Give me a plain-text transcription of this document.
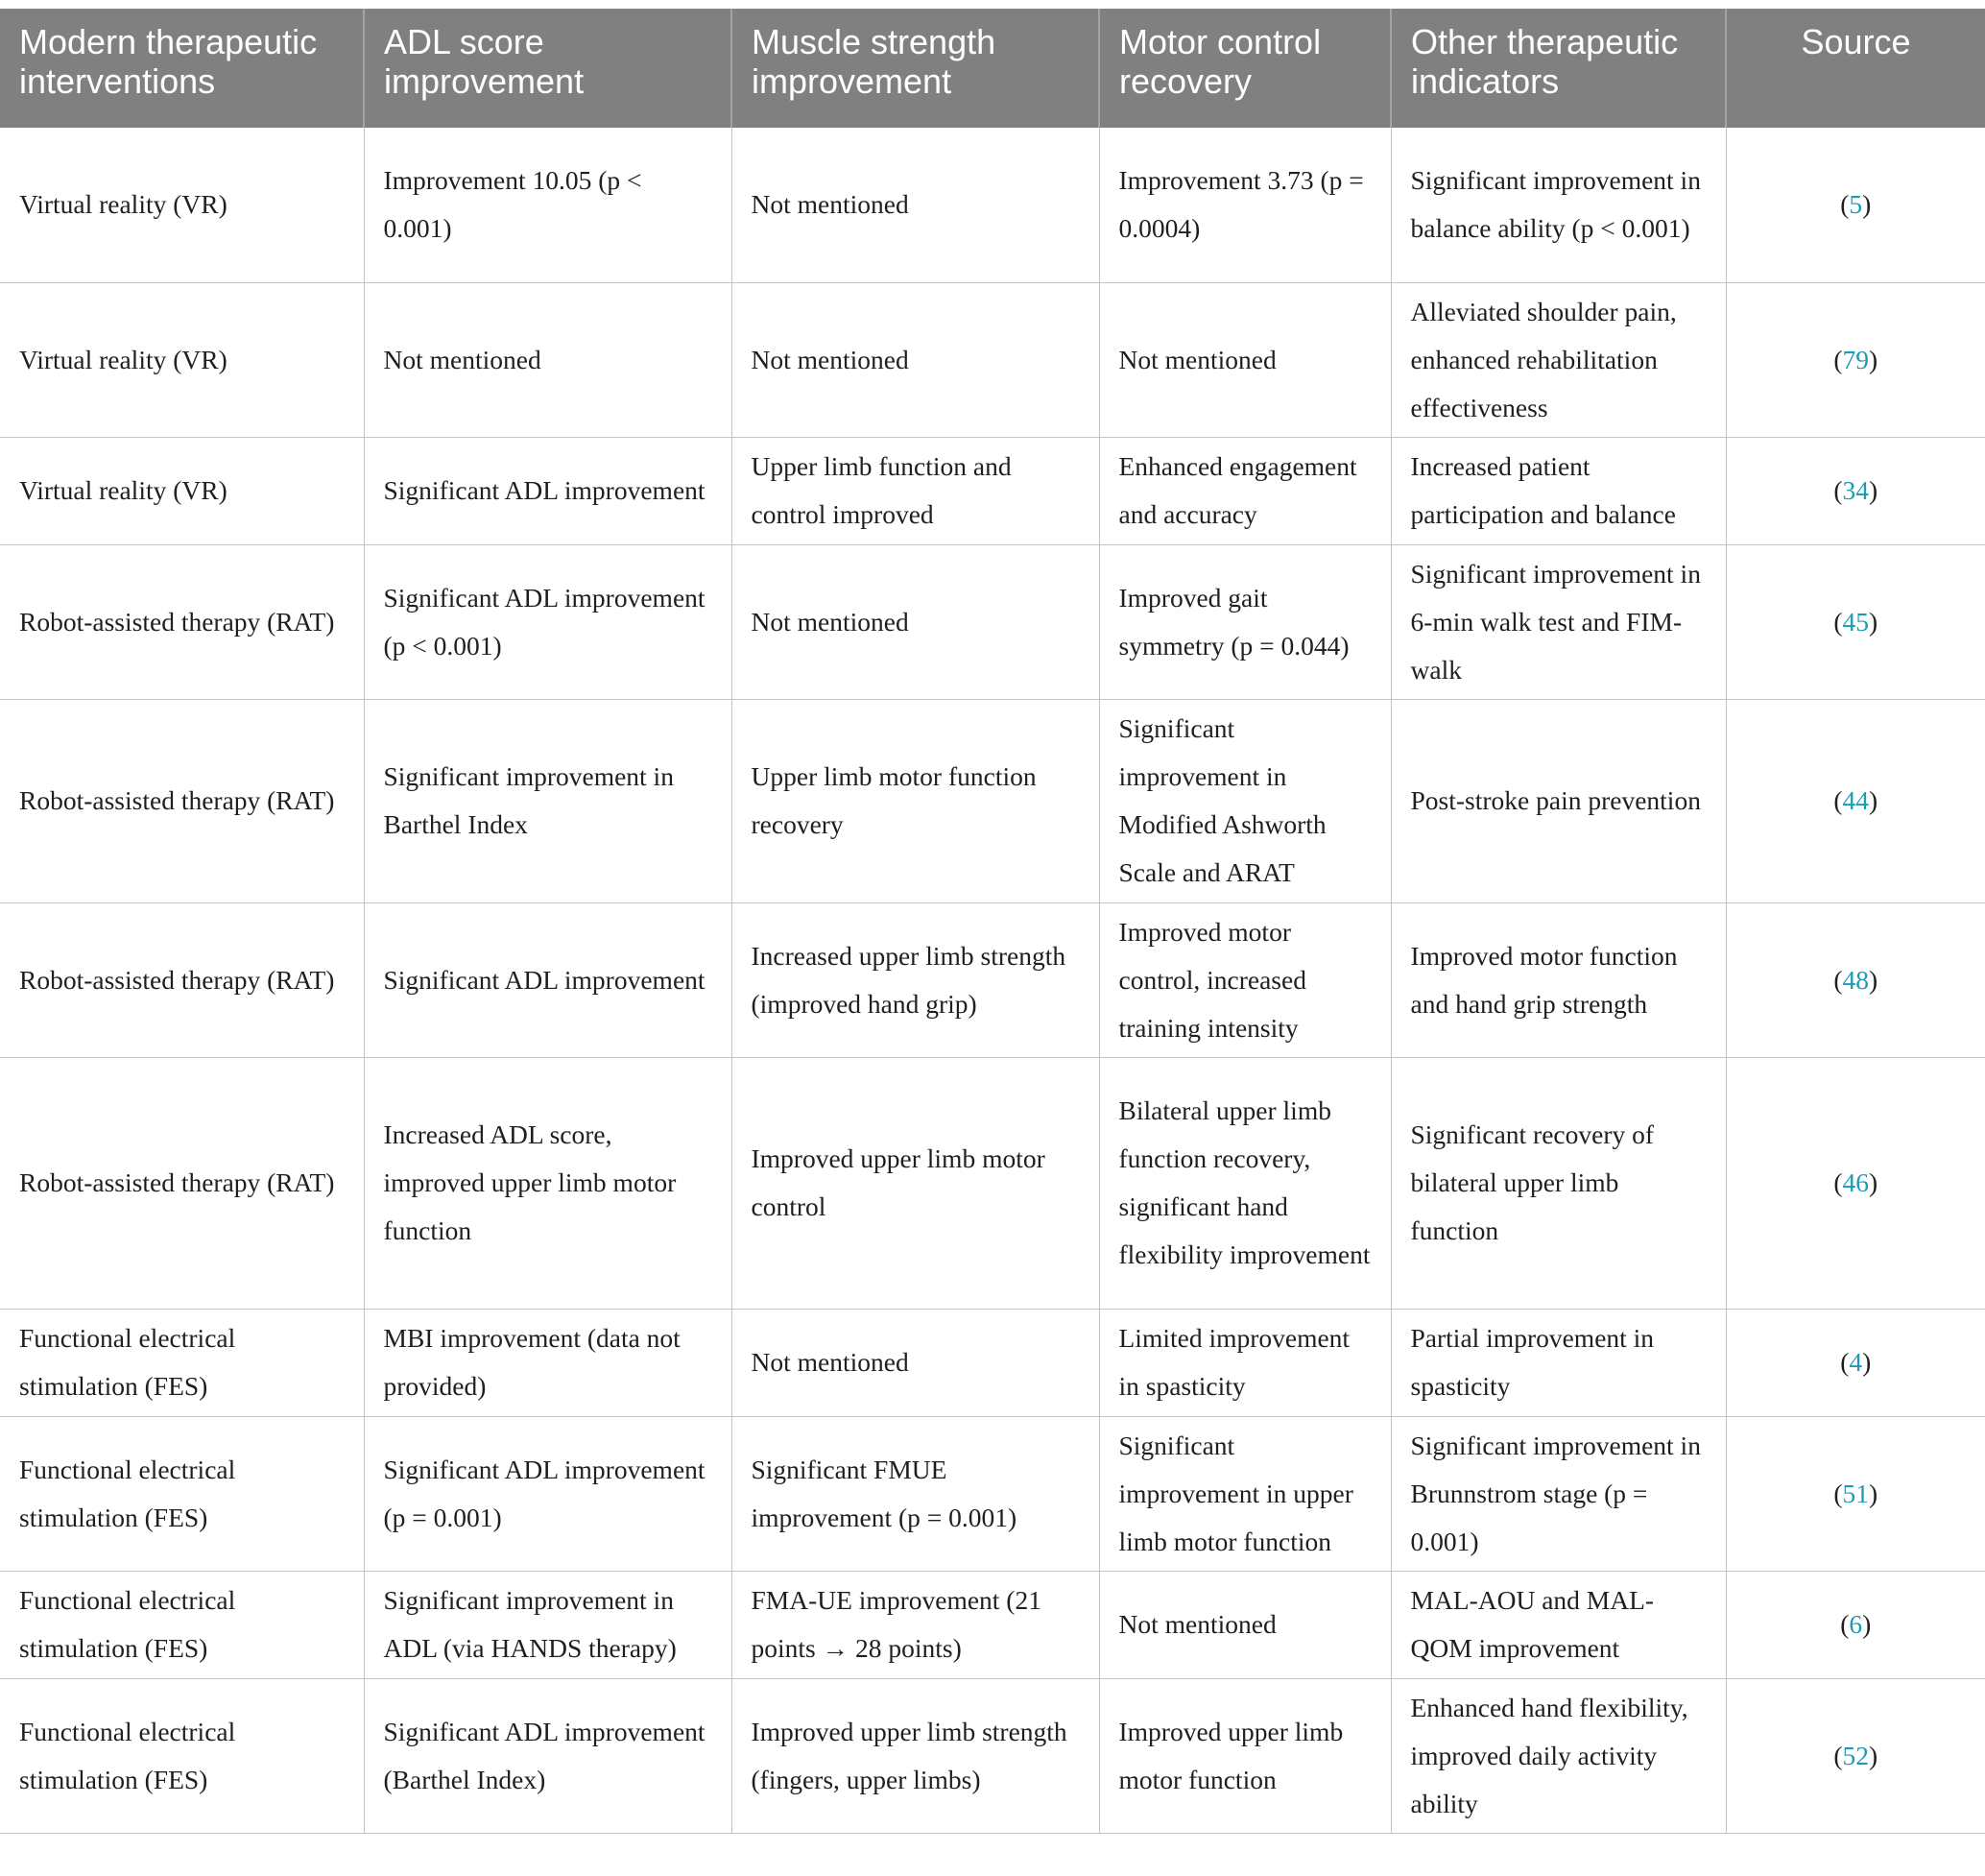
Modern therapeutic interventions	ADL score improvement	Muscle strength improvement	Motor control recovery	Other therapeutic indicators	Source
Virtual reality (VR)	Improvement 10.05 (p < 0.001)	Not mentioned	Improvement 3.73 (p = 0.0004)	Significant improvement in balance ability (p < 0.001)	(5)
Virtual reality (VR)	Not mentioned	Not mentioned	Not mentioned	Alleviated shoulder pain, enhanced rehabilitation effectiveness	(79)
Virtual reality (VR)	Significant ADL improvement	Upper limb function and control improved	Enhanced engagement and accuracy	Increased patient participation and balance	(34)
Robot-assisted therapy (RAT)	Significant ADL improvement (p < 0.001)	Not mentioned	Improved gait symmetry (p = 0.044)	Significant improvement in 6-min walk test and FIM-walk	(45)
Robot-assisted therapy (RAT)	Significant improvement in Barthel Index	Upper limb motor function recovery	Significant improvement in Modified Ashworth Scale and ARAT	Post-stroke pain prevention	(44)
Robot-assisted therapy (RAT)	Significant ADL improvement	Increased upper limb strength (improved hand grip)	Improved motor control, increased training intensity	Improved motor function and hand grip strength	(48)
Robot-assisted therapy (RAT)	Increased ADL score, improved upper limb motor function	Improved upper limb motor control	Bilateral upper limb function recovery, significant hand flexibility improvement	Significant recovery of bilateral upper limb function	(46)
Functional electrical stimulation (FES)	MBI improvement (data not provided)	Not mentioned	Limited improvement in spasticity	Partial improvement in spasticity	(4)
Functional electrical stimulation (FES)	Significant ADL improvement (p = 0.001)	Significant FMUE improvement (p = 0.001)	Significant improvement in upper limb motor function	Significant improvement in Brunnstrom stage (p = 0.001)	(51)
Functional electrical stimulation (FES)	Significant improvement in ADL (via HANDS therapy)	FMA-UE improvement (21 points → 28 points)	Not mentioned	MAL-AOU and MAL-QOM improvement	(6)
Functional electrical stimulation (FES)	Significant ADL improvement (Barthel Index)	Improved upper limb strength (fingers, upper limbs)	Improved upper limb motor function	Enhanced hand flexibility, improved daily activity ability	(52)
